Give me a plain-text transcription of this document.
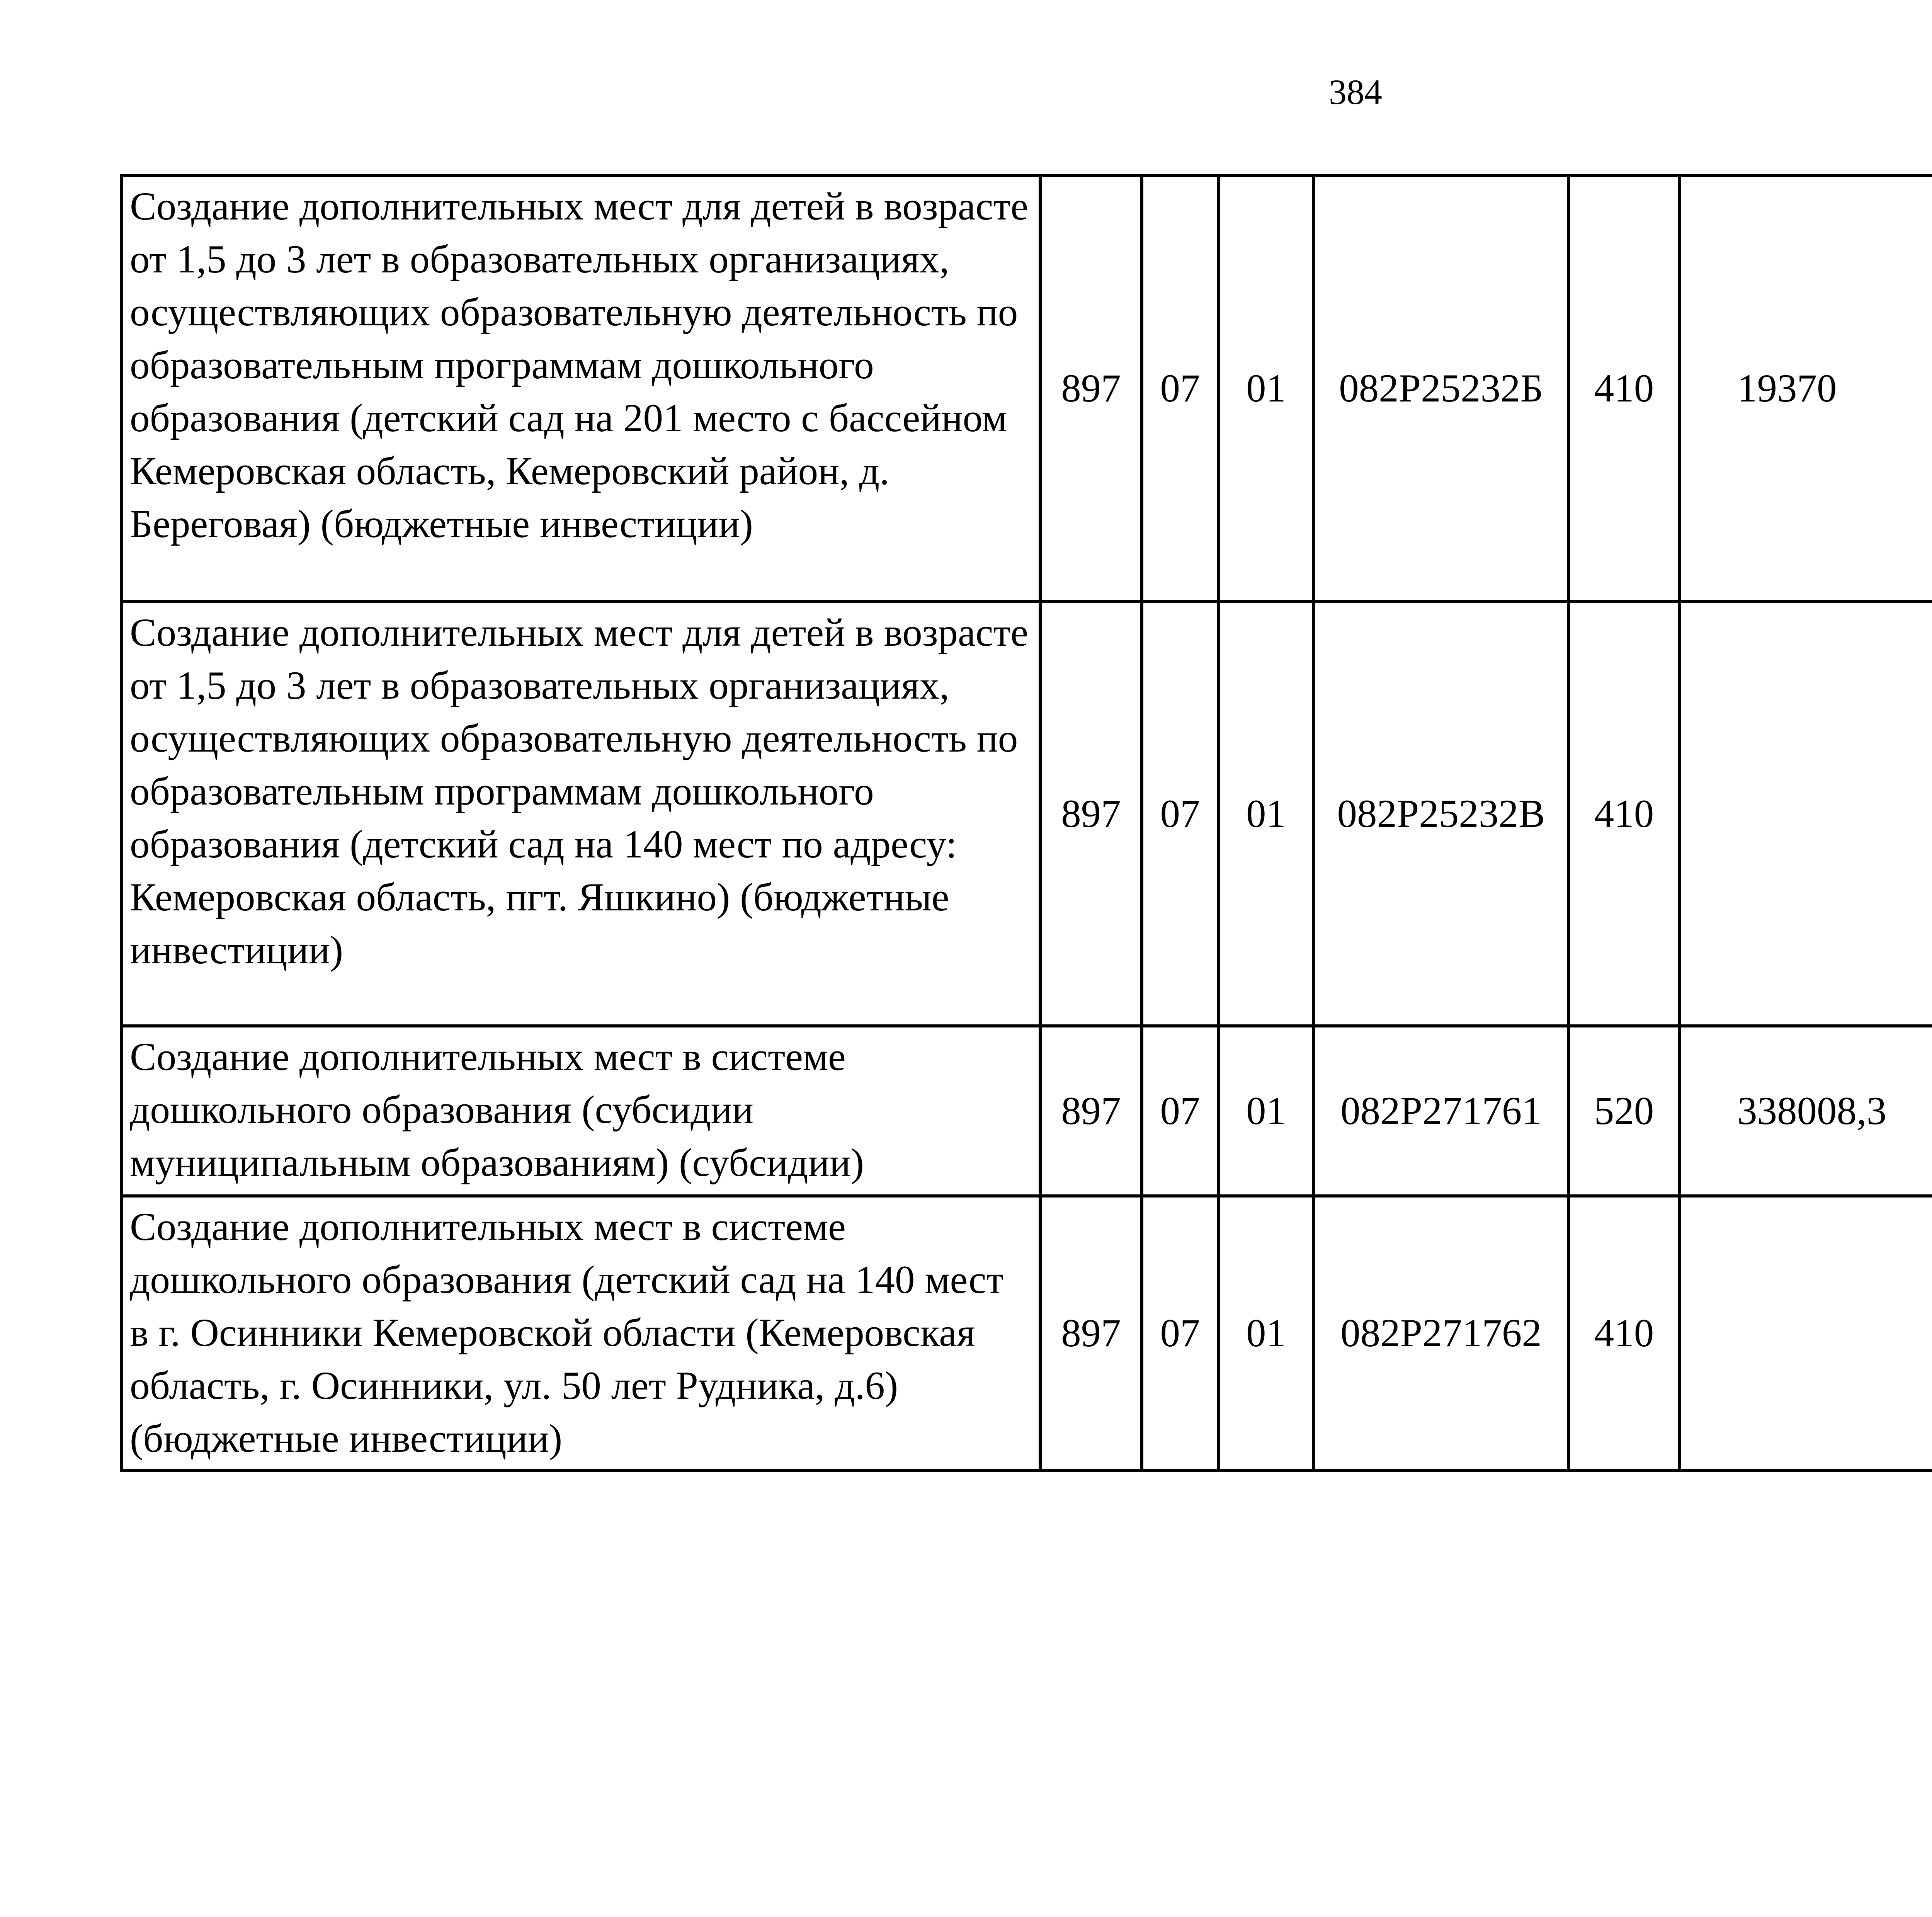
384
Создание дополнительных мест для детей в возрасте от 1,5 до 3 лет в образовательных организациях, осуществляющих образовательную деятельность по образовательным программам дошкольного образования (детский сад на 201 место с бассейном Кемеровская область, Кемеровский район, д. Береговая) (бюджетные инвестиции)	897	07	01	082P25232Б	410	19370		
Создание дополнительных мест для детей в возрасте от 1,5 до 3 лет в образовательных организациях, осуществляющих образовательную деятельность по образовательным программам дошкольного образования (детский сад на 140 мест по адресу: Кемеровская область, пгт. Яшкино) (бюджетные инвестиции)	897	07	01	082P25232В	410			
Создание дополнительных мест в системе дошкольного образования (субсидии муниципальным образованиям) (субсидии)	897	07	01	082P271761	520	338008,3		
Создание дополнительных мест в системе дошкольного образования (детский сад на 140 мест в г. Осинники Кемеровской области (Кемеровская область, г. Осинники, ул. 50 лет Рудника, д.6) (бюджетные инвестиции)	897	07	01	082P271762	410			
